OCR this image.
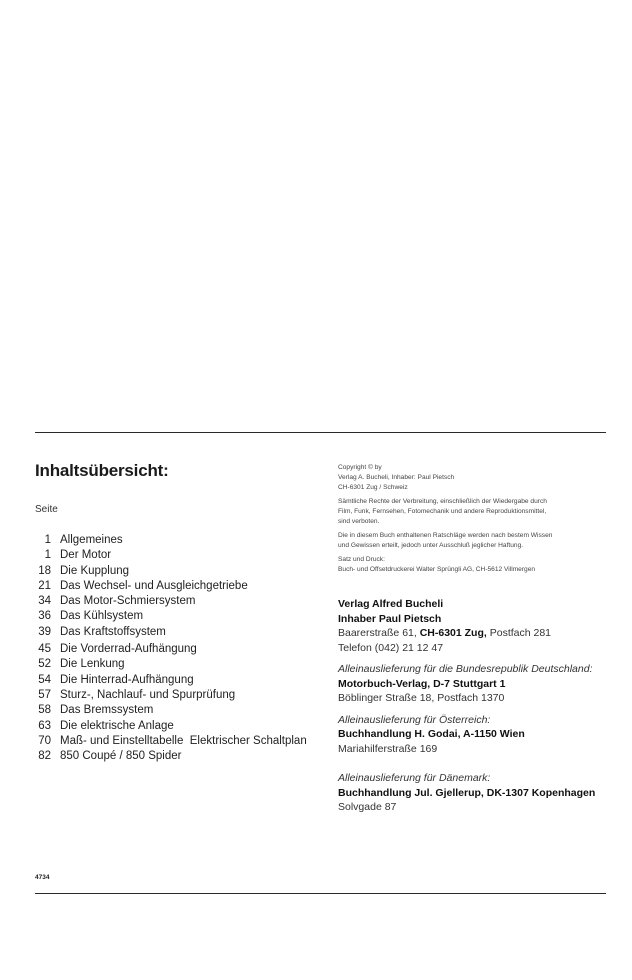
Inhaltsübersicht:
Seite
1 Allgemeines
1 Der Motor
18 Die Kupplung
21 Das Wechsel- und Ausgleichgetriebe
34 Das Motor-Schmiersystem
36 Das Kühlsystem
39 Das Kraftstoffsystem
45 Die Vorderrad-Aufhängung
52 Die Lenkung
54 Die Hinterrad-Aufhängung
57 Sturz-, Nachlauf- und Spurprüfung
58 Das Bremssystem
63 Die elektrische Anlage
70 Maß- und Einstelltabelle  Elektrischer Schaltplan
82 850 Coupé / 850 Spider

Copyright © by

Verlag A. Bucheli, Inhaber: Paul Pietsch

CH-6301 Zug / Schweiz

Sämtliche Rechte der Verbreitung, einschließlich der Wiedergabe durch

Film, Funk, Fernsehen, Fotomechanik und andere Reproduktionsmittel,

sind verboten.

Die in diesem Buch enthaltenen Ratschläge werden nach bestem Wissen

und Gewissen erteilt, jedoch unter Ausschluß jeglicher Haftung.

Satz und Druck:

Buch- und Offsetdruckerei Walter Sprüngli AG, CH-5612 Villmergen

Verlag Alfred Bucheli

Inhaber Paul Pietsch

Baarerstraße 61, CH-6301 Zug, Postfach 281

Telefon (042) 21 12 47

Alleinauslieferung für die Bundesrepublik Deutschland:

Motorbuch-Verlag, D-7 Stuttgart 1

Böblinger Straße 18, Postfach 1370

Alleinauslieferung für Österreich:

Buchhandlung H. Godai, A-1150 Wien

Mariahilferstraße 169

Alleinauslieferung für Dänemark:

Buchhandlung Jul. Gjellerup, DK-1307 Kopenhagen

Solvgade 87

4734
